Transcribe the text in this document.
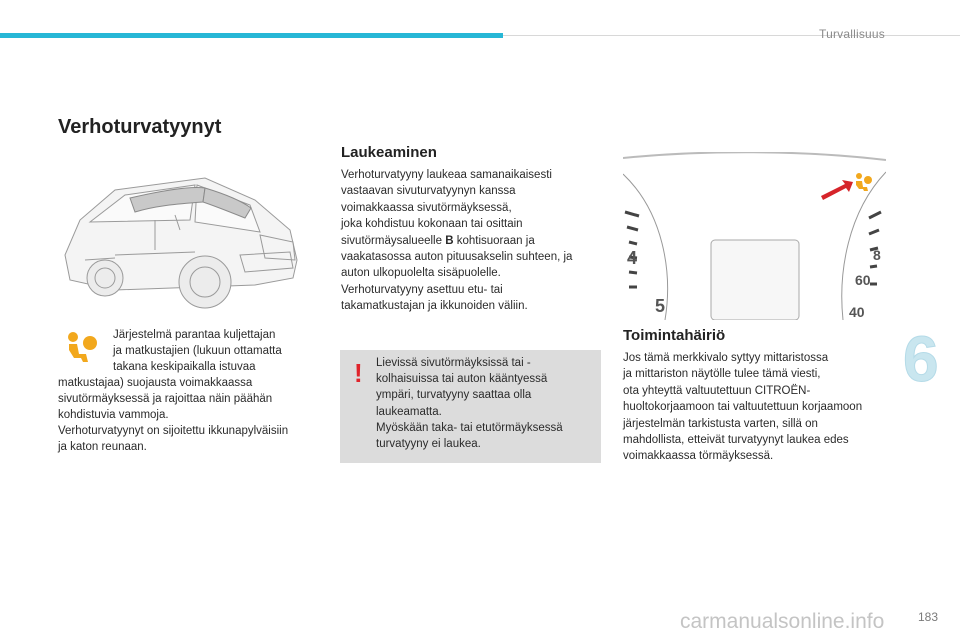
Turvallisuus
Verhoturvatyynyt
Järjestelmä parantaa kuljettajan
ja matkustajien (lukuun ottamatta
takana keskipaikalla istuvaa
matkustajaa) suojausta voimakkaassa
sivutörmäyksessä ja rajoittaa näin päähän
kohdistuvia vammoja.
Verhoturvatyynyt on sijoitettu ikkunapylväisiin
ja katon reunaan.
Laukeaminen
Verhoturvatyyny laukeaa samanaikaisesti
vastaavan sivuturvatyynyn kanssa
voimakkaassa sivutörmäyksessä,
joka kohdistuu kokonaan tai osittain
sivutörmäysalueelle B kohtisuoraan ja
vaakatasossa auton pituusakselin suhteen, ja
auton ulkopuolelta sisäpuolelle.
Verhoturvatyyny asettuu etu- tai
takamatkustajan ja ikkunoiden väliin.
! Lievissä sivutörmäyksissä tai -
kolhaisuissa tai auton kääntyessä
ympäri, turvatyyny saattaa olla
laukeamatta.
Myöskään taka- tai etutörmäyksessä
turvatyyny ei laukea.
4
5
8
60
40
Toimintahäiriö
Jos tämä merkkivalo syttyy mittaristossa
ja mittariston näytölle tulee tämä viesti,
ota yhteyttä valtuutettuun CITROËN-
huoltokorjaamoon tai valtuutettuun korjaamoon
järjestelmän tarkistusta varten, sillä on
mahdollista, etteivät turvatyynyt laukea edes
voimakkaassa törmäyksessä.
6
carmanualsonline.info	183
